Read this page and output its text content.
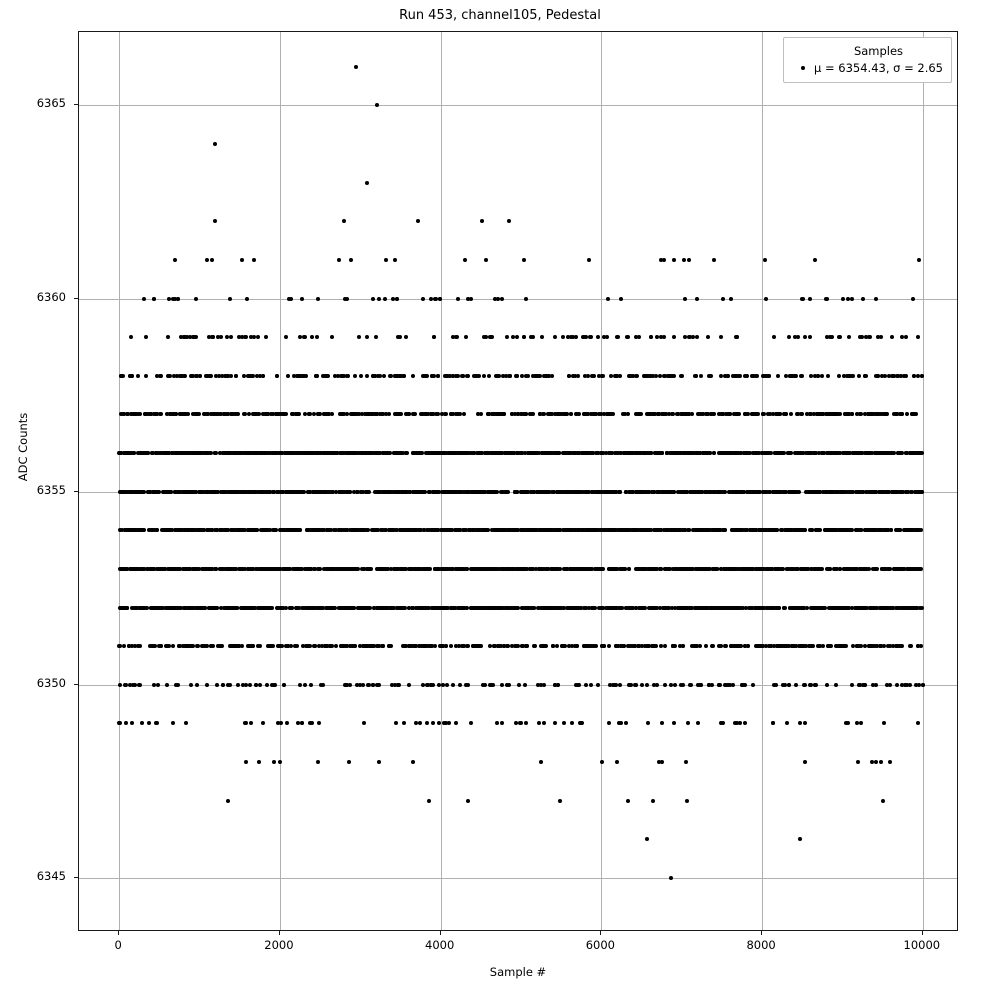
Run 453, channel105, Pedestal
Samples
μ = 6354.43, σ = 2.65
0	2000	4000	6000	8000	10000
6345
6350
6355
6360
6365
Sample #
ADC Counts
